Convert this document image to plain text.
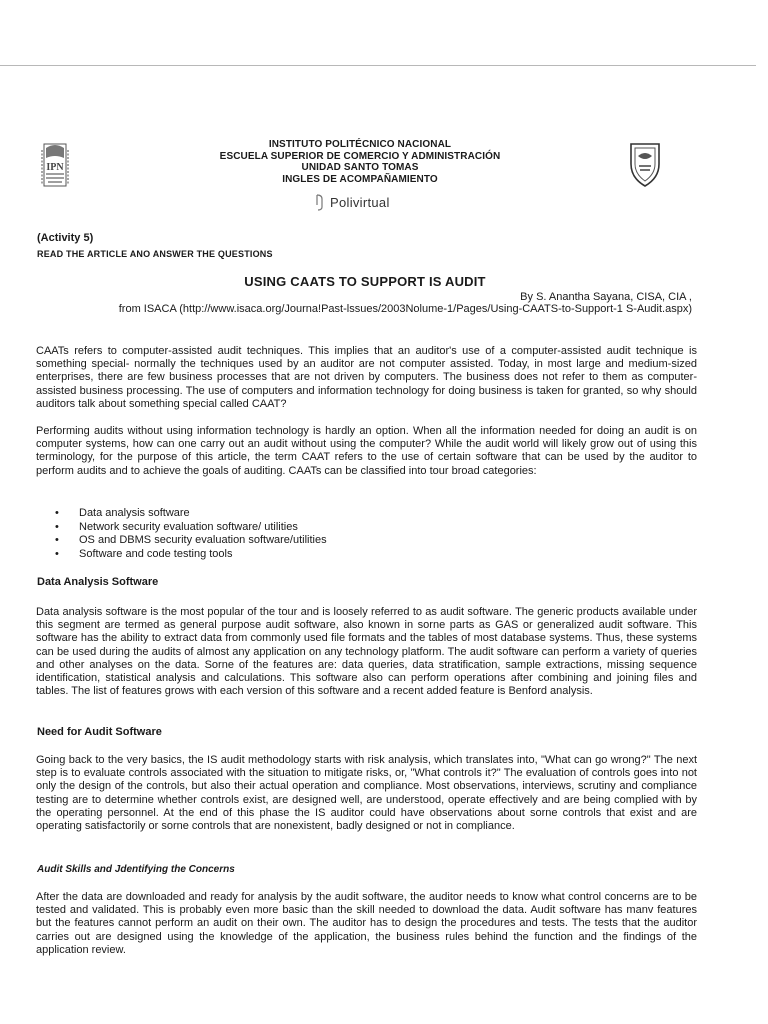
IPN
INSTITUTO POLITÉCNICO NACIONAL
ESCUELA SUPERIOR DE COMERCIO Y ADMINISTRACIÓN
UNIDAD SANTO TOMAS
INGLES DE ACOMPAÑAMIENTO
Polivirtual
(Activity 5)
READ THE ARTICLE ANO ANSWER THE QUESTIONS
USING CAATS TO SUPPORT IS AUDIT
By S. Anantha Sayana, CISA, CIA ,
from ISACA (http://www.isaca.org/Journa!Past-lssues/2003Nolume-1/Pages/Using-CAATS-to-Support-1 S-Audit.aspx)

CAATs refers to computer-assisted audit techniques. This implies that an auditor's use of a computer-assisted audit technique is something special- normally the techniques used by an auditor are not computer assisted. Today, in most large and medium-sized enterprises, there are few business processes that are not driven by computers. The business does not refer to them as computer-assisted business processing. The use of computers and information technology for doing business is taken for granted, so why should auditors talk about something special called CAAT?

Performing audits without using information technology is hardly an option. When all the information needed for doing an audit is on computer systems, how can one carry out an audit without using the computer? While the audit world will likely grow out of using this terminology, for the purpose of this article, the term CAAT refers to the use of certain software that can be used by the auditor to perform audits and to achieve the goals of auditing. CAATs can be classified into tour broad categories:

•	Data analysis software
•	Network security evaluation software/ utilities
•	OS and DBMS security evaluation software/utilities
•	Software and code testing tools
Data Analysis Software

Data analysis software is the most popular of the tour and is loosely referred to as audit software. The generic products available under this segment are termed as general purpose audit software, also known in sorne parts as GAS or generalized audit software. This software has the ability to extract data from commonly used file formats and the tables of most database systems. Thus, these systems can be used during the audits of almost any application on any technology platform. The audit software can perform a variety of queries and other analyses on the data. Sorne of the features are: data queries, data stratification, sample extractions, missing sequence identification, statistical analysis and calculations. This software also can perform operations after combining and joining files and tables. The list of features grows with each version of this software and a recent added feature is Benford analysis.

Need for Audit Software

Going back to the very basics, the IS audit methodology starts with risk analysis, which translates into, "What can go wrong?" The next step is to evaluate controls associated with the situation to mitigate risks, or, "What controls it?" The evaluation of controls goes into not only the design of the controls, but also their actual operation and compliance. Most observations, interviews, scrutiny and compliance testing are to determine whether controls exist, are designed well, are understood, operate effectively and are being complied with by the operating personnel. At the end of this phase the IS auditor could have observations about sorne controls that exist and are operating satisfactorily or sorne controls that are nonexistent, badly designed or not in compliance.

Audit Skills and Jdentifying the Concerns

After the data are downloaded and ready for analysis by the audit software, the auditor needs to know what control concerns are to be tested and validated. This is probably even more basic than the skill needed to download the data. Audit software has manv features but the features cannot perform an audit on their own. The auditor has to design the procedures and tests. The tests that the auditor carries out are designed using the knowledge of the application, the business rules behind the function and the findings of the application review.
